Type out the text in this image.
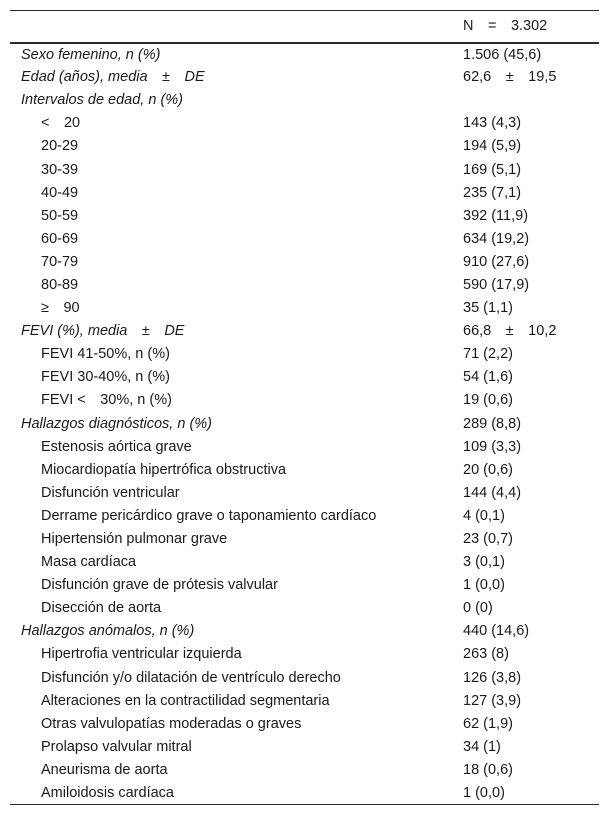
	N  =  3.302
Sexo femenino, n (%)	1.506 (45,6)
Edad (años), media  ±  DE	62,6  ±  19,5
Intervalos de edad, n (%)	
<  20	143 (4,3)
20-29	194 (5,9)
30-39	169 (5,1)
40-49	235 (7,1)
50-59	392 (11,9)
60-69	634 (19,2)
70-79	910 (27,6)
80-89	590 (17,9)
≥  90	35 (1,1)
FEVI (%), media  ±  DE	66,8  ±  10,2
FEVI 41-50%, n (%)	71 (2,2)
FEVI 30-40%, n (%)	54 (1,6)
FEVI <  30%, n (%)	19 (0,6)
Hallazgos diagnósticos, n (%)	289 (8,8)
Estenosis aórtica grave	109 (3,3)
Miocardiopatía hipertrófica obstructiva	20 (0,6)
Disfunción ventricular	144 (4,4)
Derrame pericárdico grave o taponamiento cardíaco	4 (0,1)
Hipertensión pulmonar grave	23 (0,7)
Masa cardíaca	3 (0,1)
Disfunción grave de prótesis valvular	1 (0,0)
Disección de aorta	0 (0)
Hallazgos anómalos, n (%)	440 (14,6)
Hipertrofia ventricular izquierda	263 (8)
Disfunción y/o dilatación de ventrículo derecho	126 (3,8)
Alteraciones en la contractilidad segmentaria	127 (3,9)
Otras valvulopatías moderadas o graves	62 (1,9)
Prolapso valvular mitral	34 (1)
Aneurisma de aorta	18 (0,6)
Amiloidosis cardíaca	1 (0,0)
